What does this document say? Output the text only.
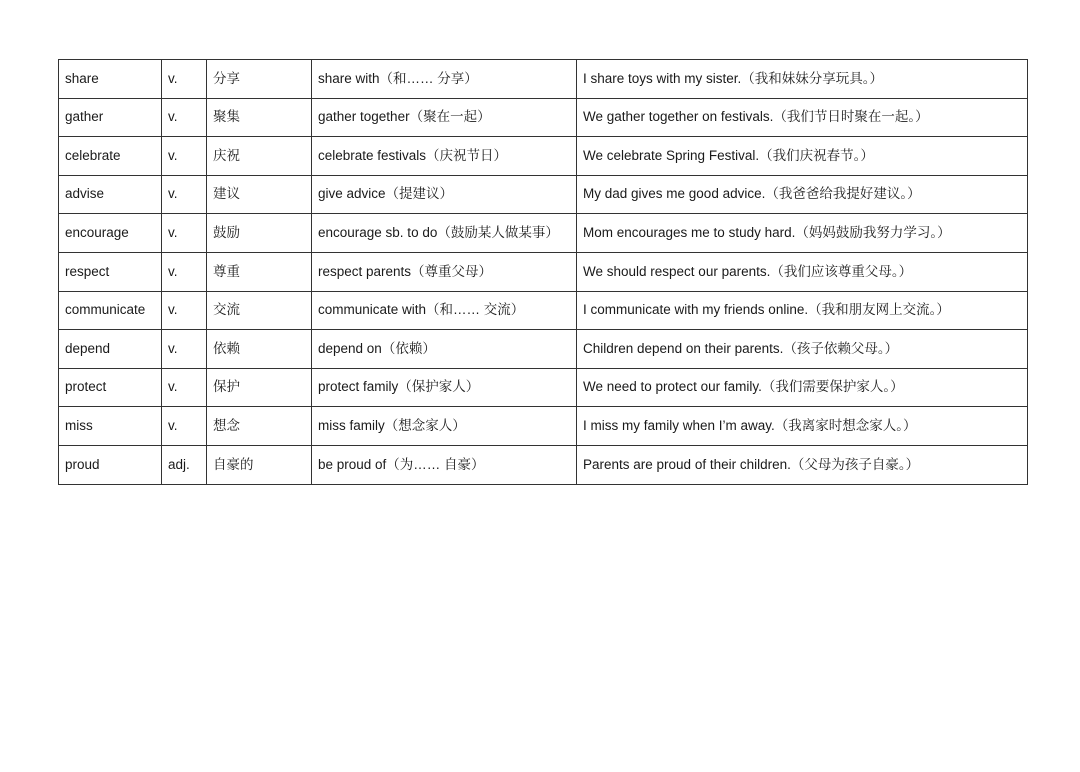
share	v.	分享	share with（和…… 分享）	I share toys with my sister.（我和妹妹分享玩具。）
gather	v.	聚集	gather together（聚在一起）	We gather together on festivals.（我们节日时聚在一起。）
celebrate	v.	庆祝	celebrate festivals（庆祝节日）	We celebrate Spring Festival.（我们庆祝春节。）
advise	v.	建议	give advice（提建议）	My dad gives me good advice.（我爸爸给我提好建议。）
encourage	v.	鼓励	encourage sb. to do（鼓励某人做某事）	Mom encourages me to study hard.（妈妈鼓励我努力学习。）
respect	v.	尊重	respect parents（尊重父母）	We should respect our parents.（我们应该尊重父母。）
communicate	v.	交流	communicate with（和…… 交流）	I communicate with my friends online.（我和朋友网上交流。）
depend	v.	依赖	depend on（依赖）	Children depend on their parents.（孩子依赖父母。）
protect	v.	保护	protect family（保护家人）	We need to protect our family.（我们需要保护家人。）
miss	v.	想念	miss family（想念家人）	I miss my family when I’m away.（我离家时想念家人。）
proud	adj.	自豪的	be proud of（为…… 自豪）	Parents are proud of their children.（父母为孩子自豪。）
